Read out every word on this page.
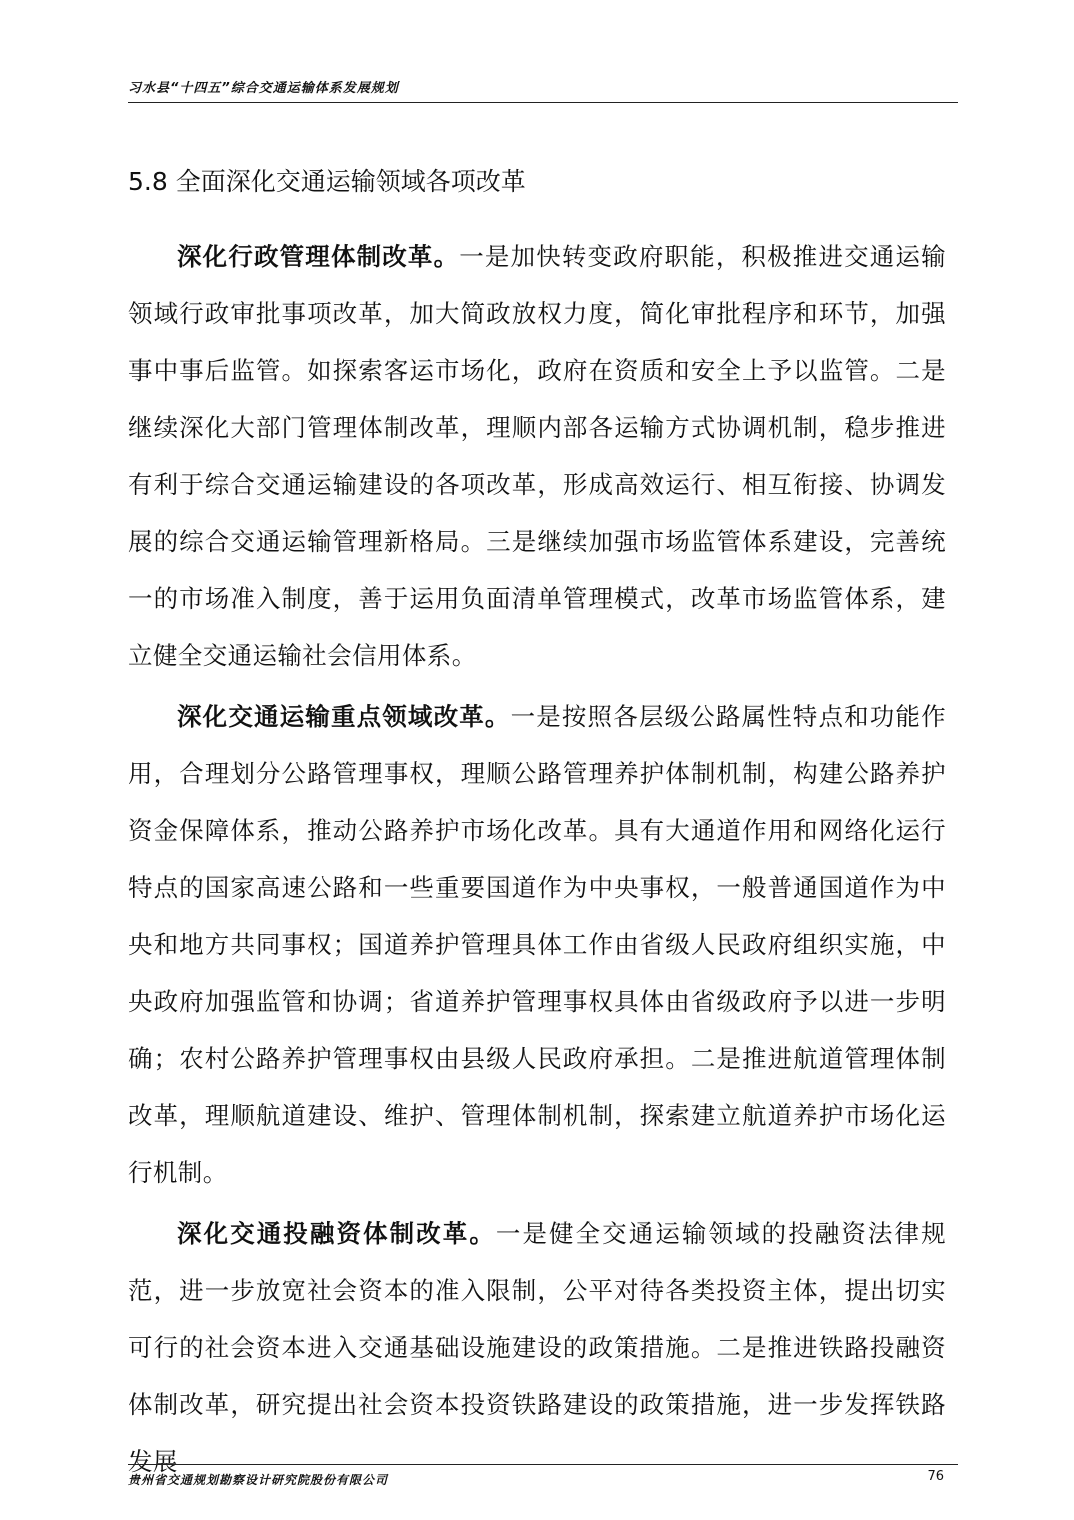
习水县“十四五”综合交通运输体系发展规划
5.8 全面深化交通运输领域各项改革

深化行政管理体制改革。一是加快转变政府职能，积极推进交通运输领域行政审批事项改革，加大简政放权力度，简化审批程序和环节，加强事中事后监管。如探索客运市场化，政府在资质和安全上予以监管。二是继续深化大部门管理体制改革，理顺内部各运输方式协调机制，稳步推进有利于综合交通运输建设的各项改革，形成高效运行、相互衔接、协调发展的综合交通运输管理新格局。三是继续加强市场监管体系建设，完善统一的市场准入制度，善于运用负面清单管理模式，改革市场监管体系，建立健全交通运输社会信用体系。

深化交通运输重点领域改革。一是按照各层级公路属性特点和功能作用，合理划分公路管理事权，理顺公路管理养护体制机制，构建公路养护资金保障体系，推动公路养护市场化改革。具有大通道作用和网络化运行特点的国家高速公路和一些重要国道作为中央事权，一般普通国道作为中央和地方共同事权；国道养护管理具体工作由省级人民政府组织实施，中央政府加强监管和协调；省道养护管理事权具体由省级政府予以进一步明确；农村公路养护管理事权由县级人民政府承担。二是推进航道管理体制改革，理顺航道建设、维护、管理体制机制，探索建立航道养护市场化运行机制。

深化交通投融资体制改革。一是健全交通运输领域的投融资法律规范，进一步放宽社会资本的准入限制，公平对待各类投资主体，提出切实可行的社会资本进入交通基础设施建设的政策措施。二是推进铁路投融资体制改革，研究提出社会资本投资铁路建设的政策措施，进一步发挥铁路发展

贵州省交通规划勘察设计研究院股份有限公司	76
